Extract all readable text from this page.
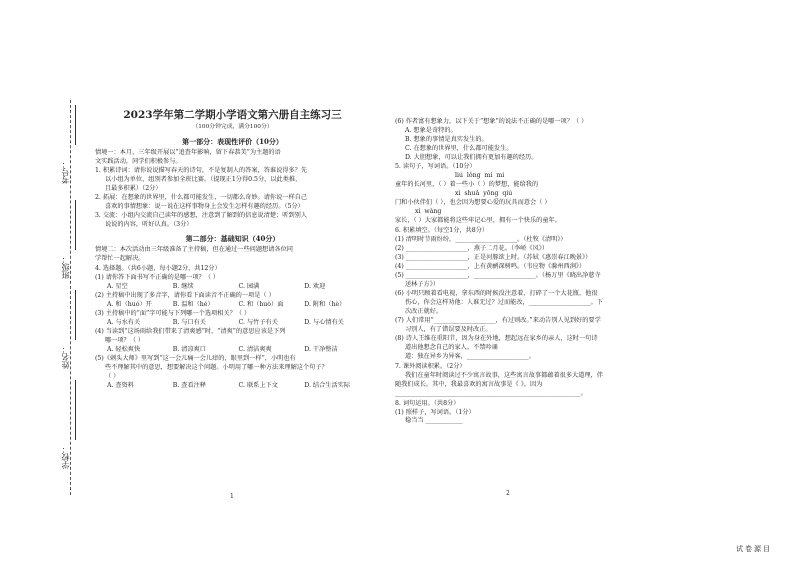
考号：
班级：
姓名：
学校：

2023学年第二学期小学语文第六册自主练习三

（100分钟完成，满分100分）

第一部分：表现性评价（10分）

情境一：本月，三年级开展以“追查年影响，留下春恭美”为主题的语

文实践活动，同学们积极参与。

1. 积累诗词：请你说说描写春天的诗句，不是复制人的答案，答谁说得多？先

以小组为单位，组别者参加全班比赛。（提现正1分得0.5分，以此类推，

且最多积累）（2分）

2. 拓展：在想象的世界里，什么都可能发生，一切都么奇妙。请你说一样自己

喜欢的事情想象：说一说在这样事物身上会发生怎样有趣的经历。（5分）

3. 交流：小组内交流自己读年的感想，注意到了解到的信息说清楚；听到别人

说说的内容，听好认真。（3分）

第二部分：基础知识（40分）

情境二：本次活动由三年级准备了主持稿，但在通过一些问题想请各位同

学帮忙一起解决。

4. 选择题。（共6小题，每小题2分，共12分）

(1) 请你答下面书写不正确的是哪一项？（ ）

A. 星空	B. 继续	C. 园满	D. 欢迎

(2) 主持稿中出现了多音字，请你看下面读音不正确的一项是（ ）

A. 和（huó）开	B. 温和（hé）	C. 和（huò）面	D. 附和（hè）

(3) 主持稿中的“面”字可能与下列哪一个选项相关？（ ）

A. 与水有关	B. 与口有关	C. 与竹子有关	D. 与心情有关

(4) 当读到“这场雨给我们带来了清爽感”时，“清爽”的意思应该是下列

哪一项？（ ）

A. 轻松爽快	B. 清凉爽口	C. 清洁爽爽	D. 干净整洁

(5)《刺头大师》里写到“这一会儿痛一会儿痒的，眼里到一样”，小明也有

些不理解其中的意思，想要解决这个问题。小明用了哪一种方法来理解这个句子？

（ ）

A. 查资料	B. 查看注释	C. 联系上下文	D. 结合生活实际
1

(6) 作者富有想象力，以下关于“想象”的说法不正确的是哪一项？（ ）

A. 想象是奇特的。

B. 想象的事情是真实发生的。

C. 在想象的世界里，什么都可能发生。

D. 大胆想象，可以让我们拥有更加有趣的经历。

5. 读句子，写词语。（10分）

liú lǒng mí mi

童年的长河里，（ ）着一些小（ ）的梦想，能给我的

xì shuǎ yōng qiú

门和小伙伴们（ ），也会因为想要心爱的玩具而意会（ ）

xì wàng

家长，（ ）大家都能将这些牢记心里，拥有一个快乐的童年。

6. 积累填空。（每空1分，共8分）

(1) 清明时节雨纷纷，____________________。（杜牧《清明》）

(2) ____________________，燕子二月花。（李峤《风》）

(3) ____________________，正是河豚欲上时。（苏轼《惠崇春江晚景》）

(4) ____________________，上有黄鹂深树鸣。（韦应物《滁州西涧》）

(5) ____________________，____________________。（杨万里《晓出净慈寺

送林子方》）

(6) 小明只顾着看电视，拿东西的时候没注意着，打碎了一个大花瓶，他很

伤心，你会这样劝他：人谁无过？过而能改，____________________。下

次改正就好。

(7) 人们常用“____________________，有过则改。”来动告别人见到好的要学

习别人，有了错误要及时改正。

(8) 诗人王维在重阳节，因为身在外地，想起远在家乡的亲人，这时一句诗

道出他想念自己的家人。不禁吟诵

道：独在异乡为异客，____________________。

7. 课外阅读积累。（2分）

我们在童年时阅读过不少寓言故事，这些寓言故事都蕴着很多大道理，伴

随我们成长。其中，我最喜欢的寓言故事是《 》。因为

____________________________________________________________。

8. 词句运用。（共8分）

(1) 照样子，写词语。（1分）

稳当当 ____________

2
试卷源目
